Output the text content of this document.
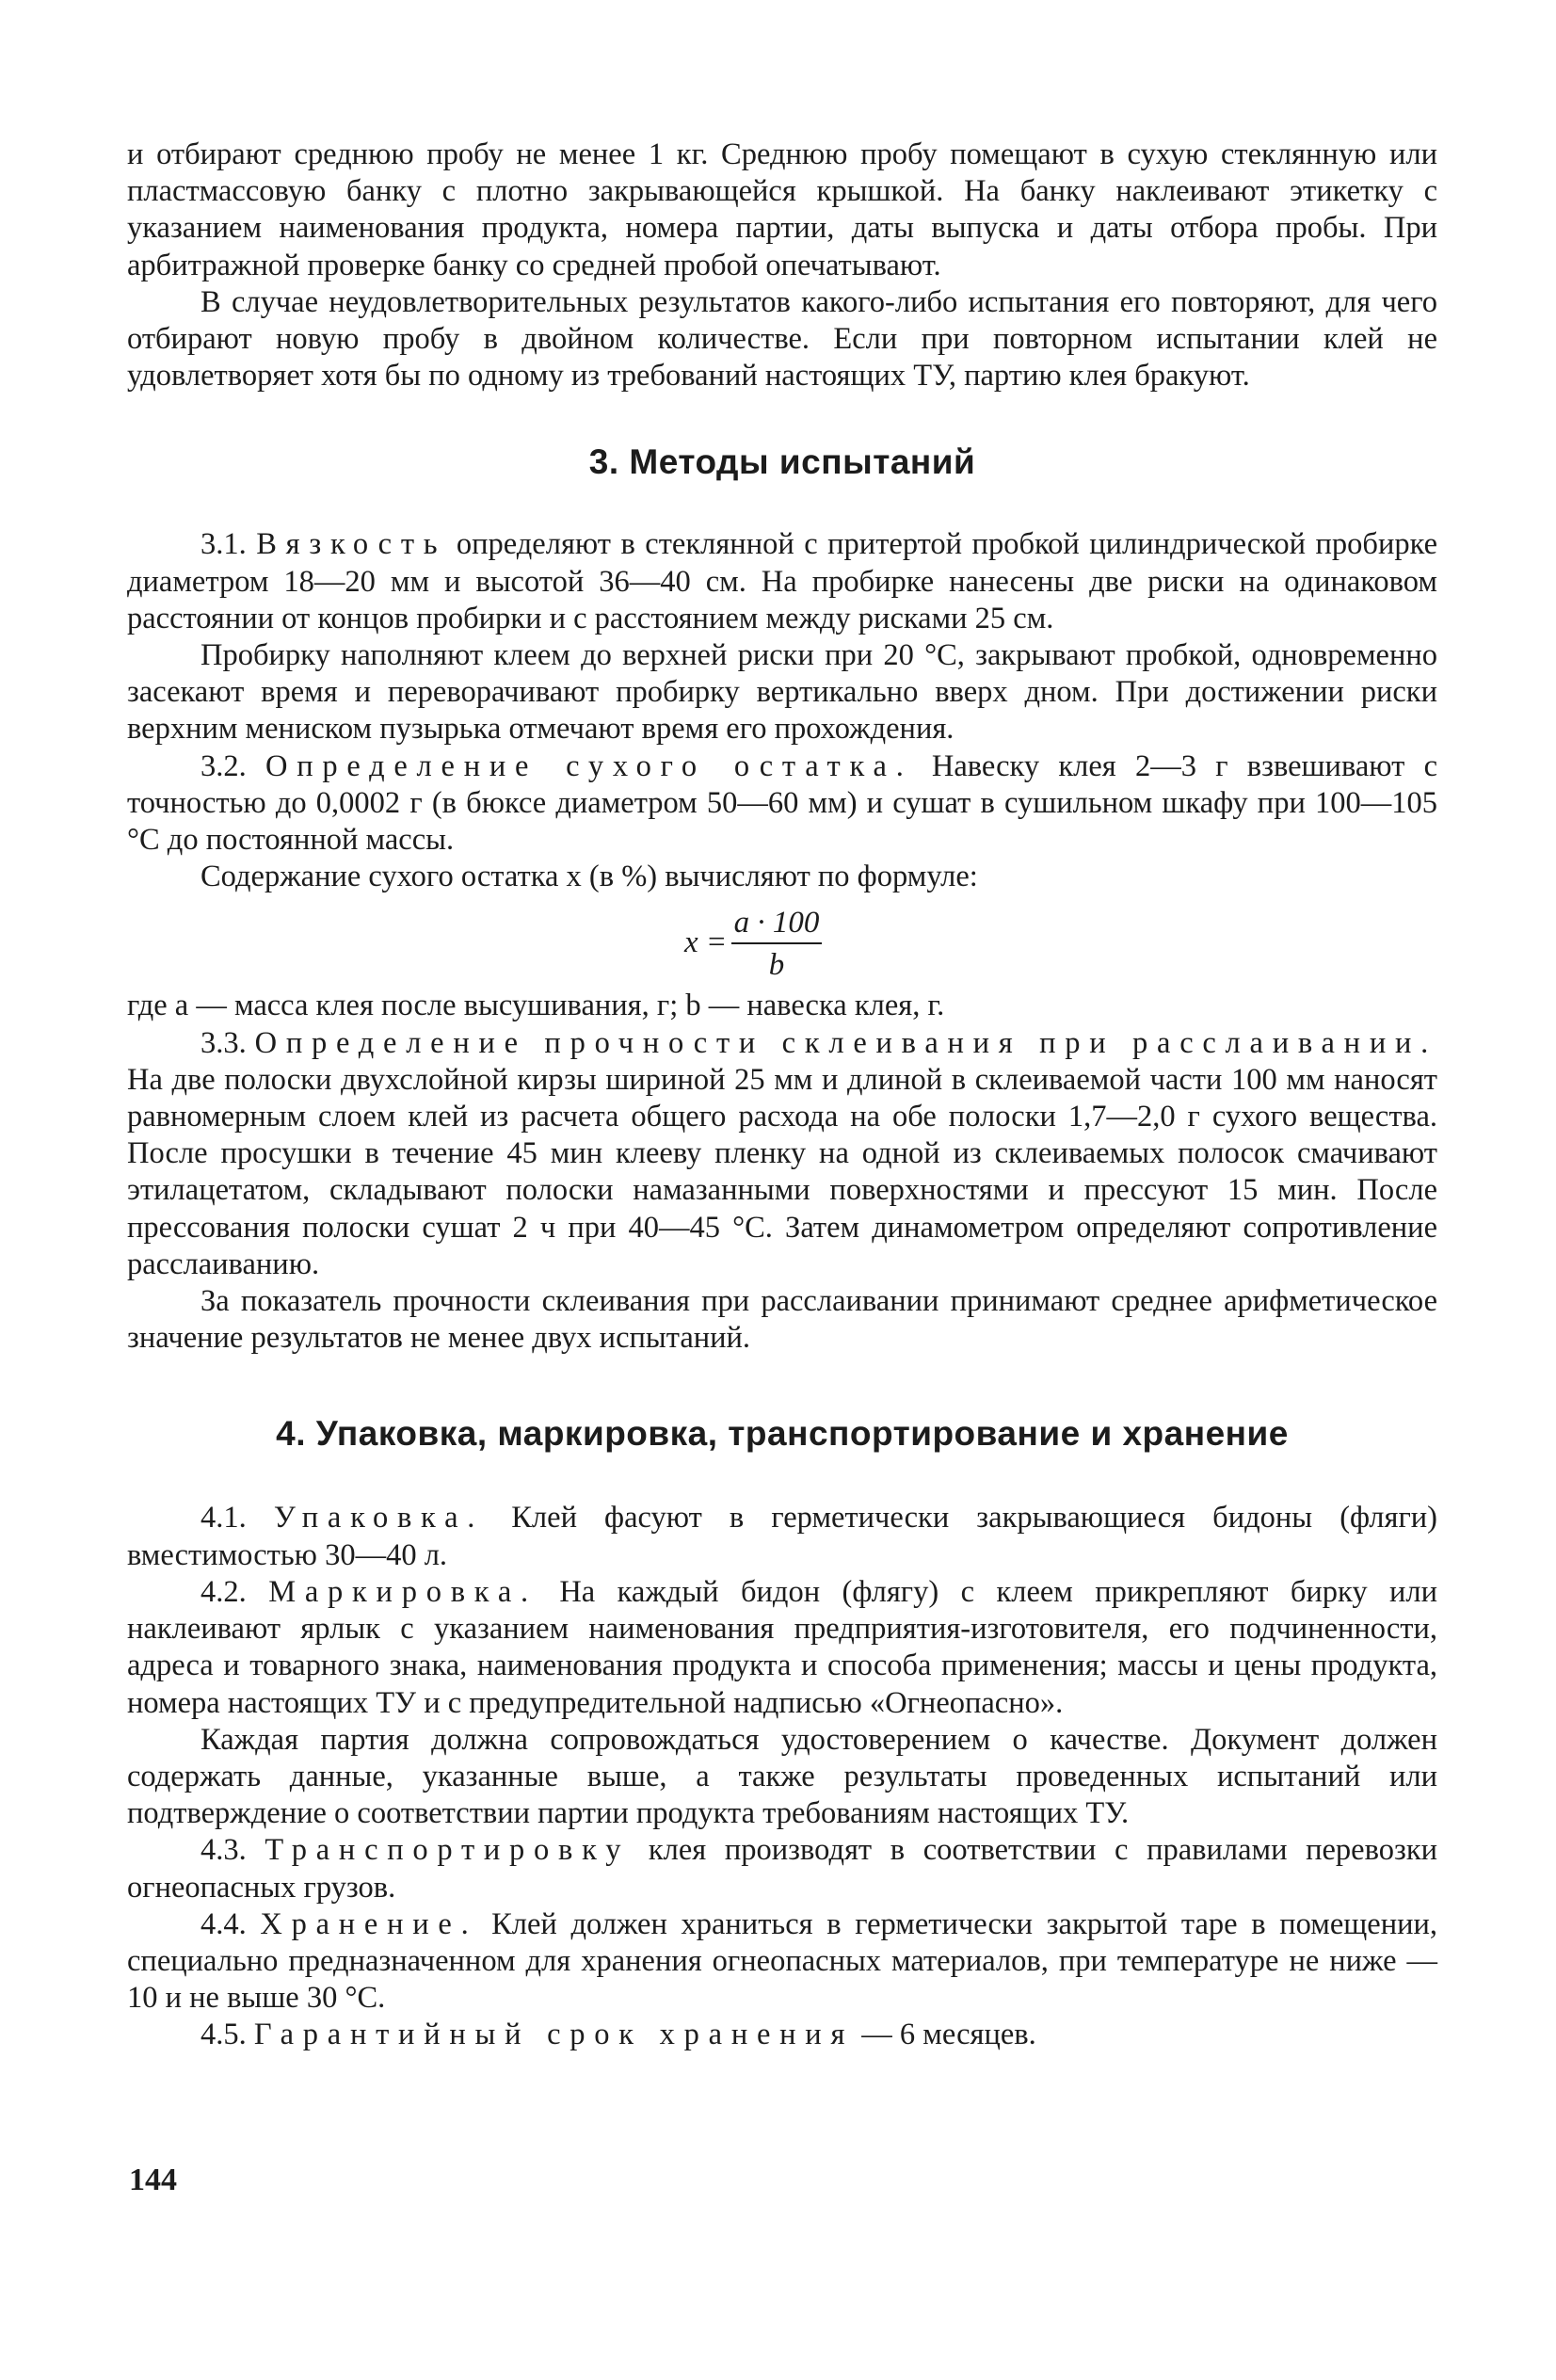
и отбирают среднюю пробу не менее 1 кг. Среднюю пробу помещают в сухую стеклянную или пластмассовую банку с плотно закрывающейся крышкой. На банку наклеивают этикетку с указанием наименования продукта, номера партии, даты выпуска и даты отбора пробы. При арбитражной проверке банку со средней пробой опечатывают.

В случае неудовлетворительных результатов какого-либо испытания его повторяют, для чего отбирают новую пробу в двойном количестве. Если при повторном испытании клей не удовлетворяет хотя бы по одному из требований настоящих ТУ, партию клея бракуют.

3. Методы испытаний

3.1. Вязкость определяют в стеклянной с притертой пробкой цилиндрической пробирке диаметром 18—20 мм и высотой 36—40 см. На пробирке нанесены две риски на одинаковом расстоянии от концов пробирки и с расстоянием между рисками 25 см.

Пробирку наполняют клеем до верхней риски при 20 °С, закрывают пробкой, одновременно засекают время и переворачивают пробирку вертикально вверх дном. При достижении риски верхним мениском пузырька отмечают время его прохождения.

3.2. Определение сухого остатка. Навеску клея 2—3 г взвешивают с точностью до 0,0002 г (в бюксе диаметром 50—60 мм) и сушат в сушильном шкафу при 100—105 °С до постоянной массы.

Содержание сухого остатка x (в %) вычисляют по формуле:

x =
a · 100
b

где a — масса клея после высушивания, г; b — навеска клея, г.

3.3. Определение прочности склеивания при расслаивании. На две полоски двухслойной кирзы шириной 25 мм и длиной в склеиваемой части 100 мм наносят равномерным слоем клей из расчета общего расхода на обе полоски 1,7—2,0 г сухого вещества. После просушки в течение 45 мин клееву пленку на одной из склеиваемых полосок смачивают этилацетатом, складывают полоски намазанными поверхностями и прессуют 15 мин. После прессования полоски сушат 2 ч при 40—45 °С. Затем динамометром определяют сопротивление расслаиванию.

За показатель прочности склеивания при расслаивании принимают среднее арифметическое значение результатов не менее двух испытаний.

4. Упаковка, маркировка, транспортирование и хранение

4.1. Упаковка. Клей фасуют в герметически закрывающиеся бидоны (фляги) вместимостью 30—40 л.

4.2. Маркировка. На каждый бидон (флягу) с клеем прикрепляют бирку или наклеивают ярлык с указанием наименования предприятия-изготовителя, его подчиненности, адреса и товарного знака, наименования продукта и способа применения; массы и цены продукта, номера настоящих ТУ и с предупредительной надписью «Огнеопасно».

Каждая партия должна сопровождаться удостоверением о качестве. Документ должен содержать данные, указанные выше, а также результаты проведенных испытаний или подтверждение о соответствии партии продукта требованиям настоящих ТУ.

4.3. Транспортировку клея производят в соответствии с правилами перевозки огнеопасных грузов.

4.4. Хранение. Клей должен храниться в герметически закрытой таре в помещении, специально предназначенном для хранения огнеопасных материалов, при температуре не ниже —10 и не выше 30 °С.

4.5. Гарантийный срок хранения — 6 месяцев.

144
